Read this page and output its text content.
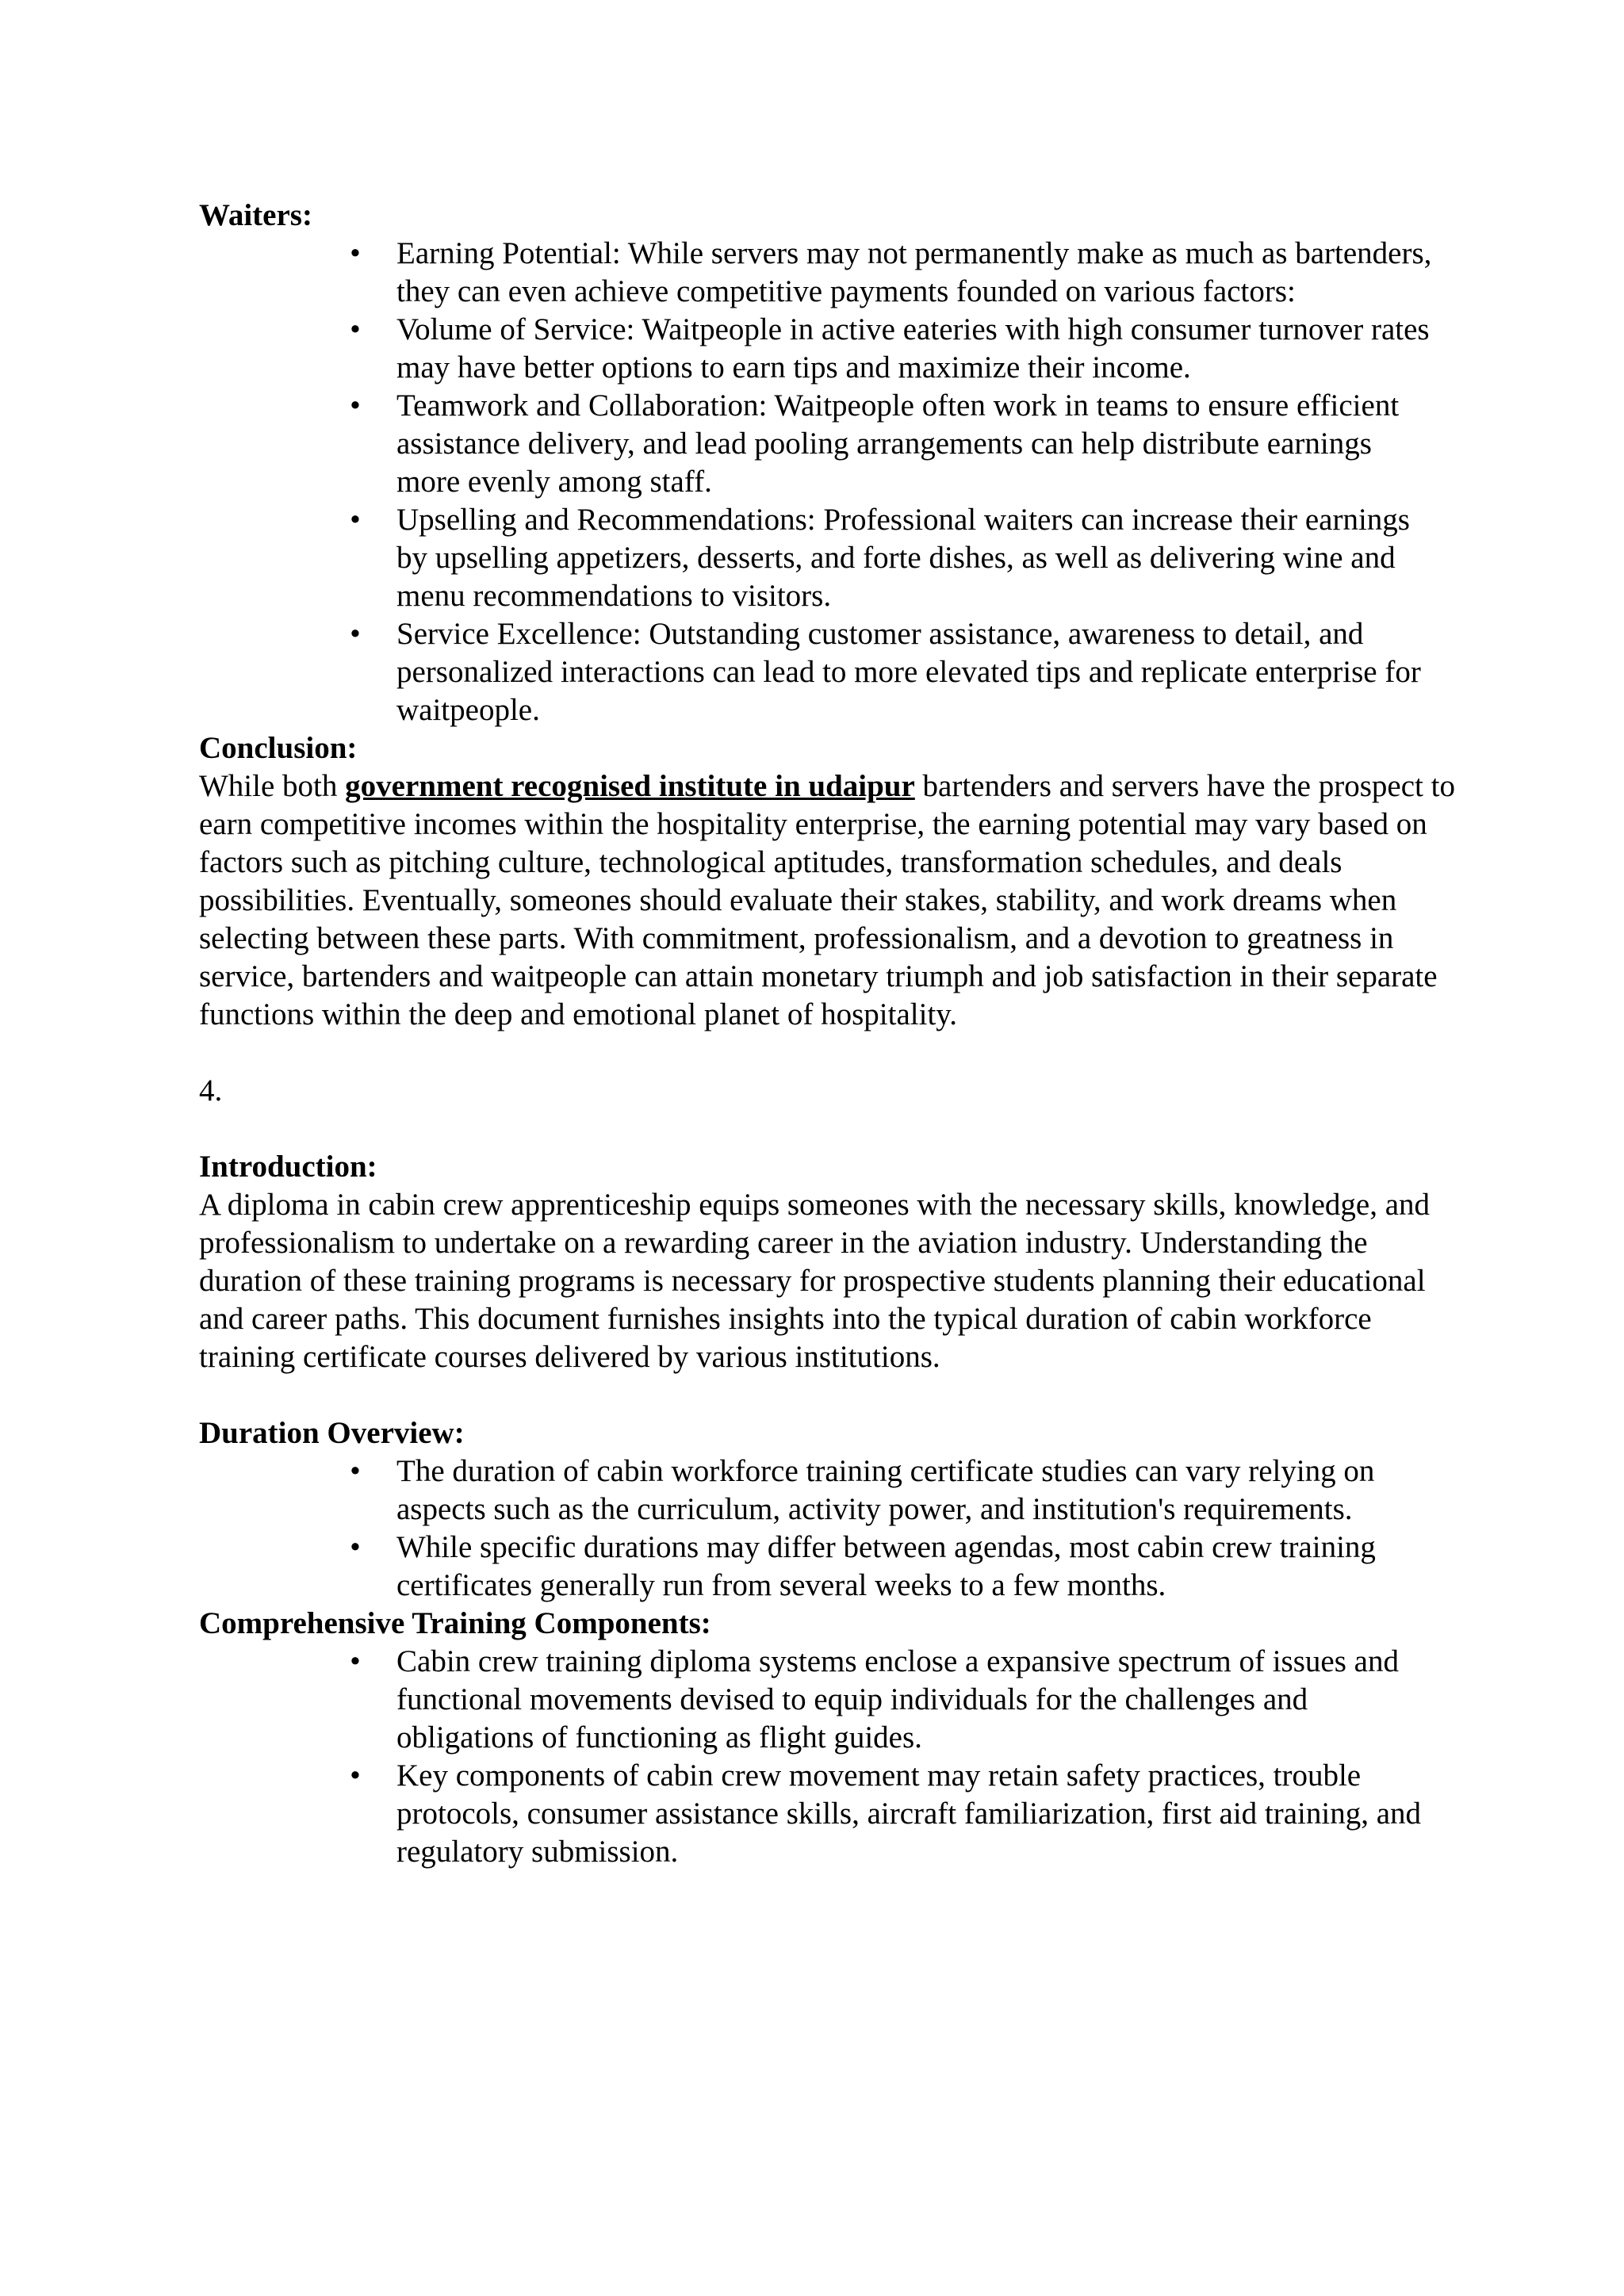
Waiters:

• Earning Potential: While servers may not permanently make as much as bartenders, they can even achieve competitive payments founded on various factors:
• Volume of Service: Waitpeople in active eateries with high consumer turnover rates may have better options to earn tips and maximize their income.
• Teamwork and Collaboration: Waitpeople often work in teams to ensure efficient assistance delivery, and lead pooling arrangements can help distribute earnings more evenly among staff.
• Upselling and Recommendations: Professional waiters can increase their earnings by upselling appetizers, desserts, and forte dishes, as well as delivering wine and menu recommendations to visitors.
• Service Excellence: Outstanding customer assistance, awareness to detail, and personalized interactions can lead to more elevated tips and replicate enterprise for waitpeople.

Conclusion:

While both government recognised institute in udaipur bartenders and servers have the prospect to earn competitive incomes within the hospitality enterprise, the earning potential may vary based on factors such as pitching culture, technological aptitudes, transformation schedules, and deals possibilities. Eventually, someones should evaluate their stakes, stability, and work dreams when selecting between these parts. With commitment, professionalism, and a devotion to greatness in service, bartenders and waitpeople can attain monetary triumph and job satisfaction in their separate functions within the deep and emotional planet of hospitality.

4.

Introduction:

A diploma in cabin crew apprenticeship equips someones with the necessary skills, knowledge, and professionalism to undertake on a rewarding career in the aviation industry. Understanding the duration of these training programs is necessary for prospective students planning their educational and career paths. This document furnishes insights into the typical duration of cabin workforce training certificate courses delivered by various institutions.

Duration Overview:

• The duration of cabin workforce training certificate studies can vary relying on aspects such as the curriculum, activity power, and institution's requirements.
• While specific durations may differ between agendas, most cabin crew training certificates generally run from several weeks to a few months.

Comprehensive Training Components:

• Cabin crew training diploma systems enclose a expansive spectrum of issues and functional movements devised to equip individuals for the challenges and obligations of functioning as flight guides.
• Key components of cabin crew movement may retain safety practices, trouble protocols, consumer assistance skills, aircraft familiarization, first aid training, and regulatory submission.
